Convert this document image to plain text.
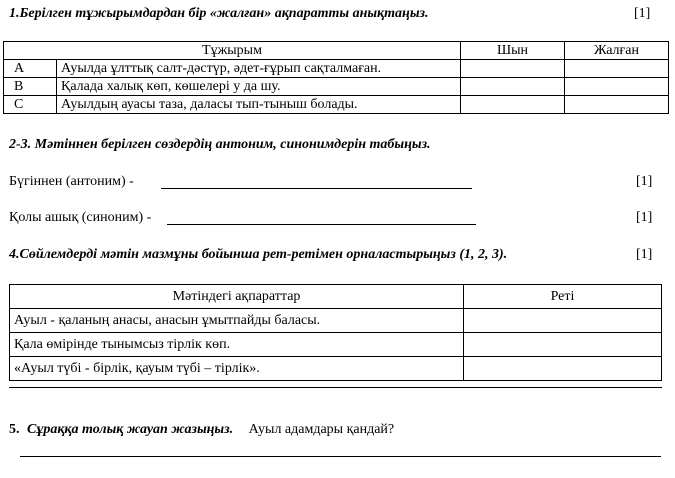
1.Берілген тұжырымдардан бір «жалған» ақпаратты анықтаңыз.	[1]
Тұжырым		Шын	Жалған
A	Ауылда ұлттық салт-дәстүр, әдет-ғұрып сақталмаған.		
B	Қалада халық көп, көшелері у да шу.		
C	Ауылдың ауасы таза, даласы тып-тыныш болады.		
2-3. Мәтіннен берілген сөздердің антоним, синонимдерін табыңыз.
Бүгіннен (антоним) -	[1]
Қолы ашық (синоним) -	[1]
4.Сөйлемдерді мәтін мазмұны бойынша рет-ретімен орналастырыңыз (1, 2, 3).	[1]
Мәтіндегі ақпараттар	Реті
Ауыл - қаланың анасы, анасын ұмытпайды баласы.	
Қала өмірінде тынымсыз тірлік көп.	
«Ауыл түбі - бірлік, қауым түбі – тірлік».	
5. Сұраққа толық жауап жазыңыз. Ауыл адамдары қандай?
